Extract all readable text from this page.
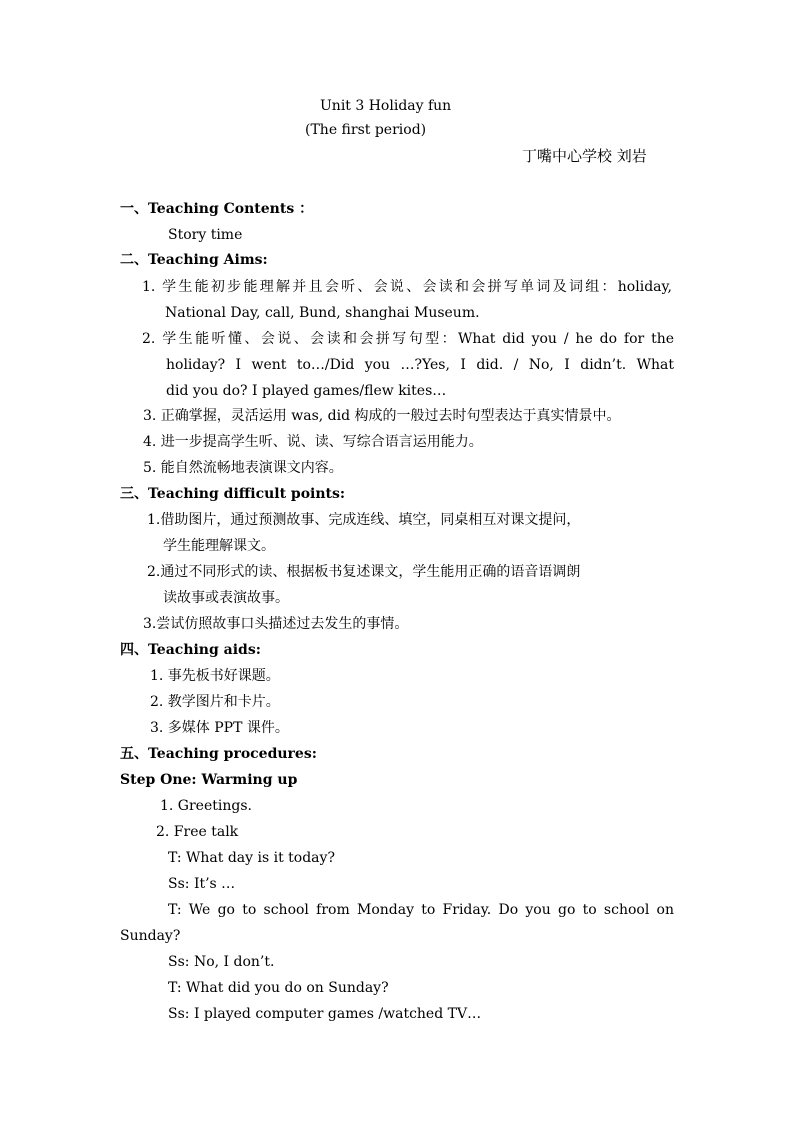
Unit 3 Holiday fun
(The first period)
丁嘴中心学校 刘岩
一、Teaching Contents ：
Story time
二、Teaching Aims:
1. 学生能初步能理解并且会听、会说、会读和会拼写单词及词组：holiday,
National Day, call, Bund, shanghai Museum.
2. 学生能听懂、会说、会读和会拼写句型：What did you / he do for the
holiday? I went to…/Did you …?Yes, I did. / No, I didn’t. What
did you do? I played games/flew kites…
3. 正确掌握，灵活运用 was, did 构成的一般过去时句型表达于真实情景中。
4. 进一步提高学生听、说、读、写综合语言运用能力。
5. 能自然流畅地表演课文内容。
三、Teaching difficult points:
1.借助图片，通过预测故事、完成连线、填空，同桌相互对课文提问，
学生能理解课文。
2.通过不同形式的读、根据板书复述课文，学生能用正确的语音语调朗
读故事或表演故事。
3.尝试仿照故事口头描述过去发生的事情。
四、Teaching aids:
1. 事先板书好课题。
2. 教学图片和卡片。
3. 多媒体 PPT 课件。
五、Teaching procedures:
Step One: Warming up
1. Greetings.
2. Free talk
T: What day is it today?
Ss: It’s …
T: We go to school from Monday to Friday. Do you go to school on
Sunday?
Ss: No, I don’t.
T: What did you do on Sunday?
Ss: I played computer games /watched TV…
